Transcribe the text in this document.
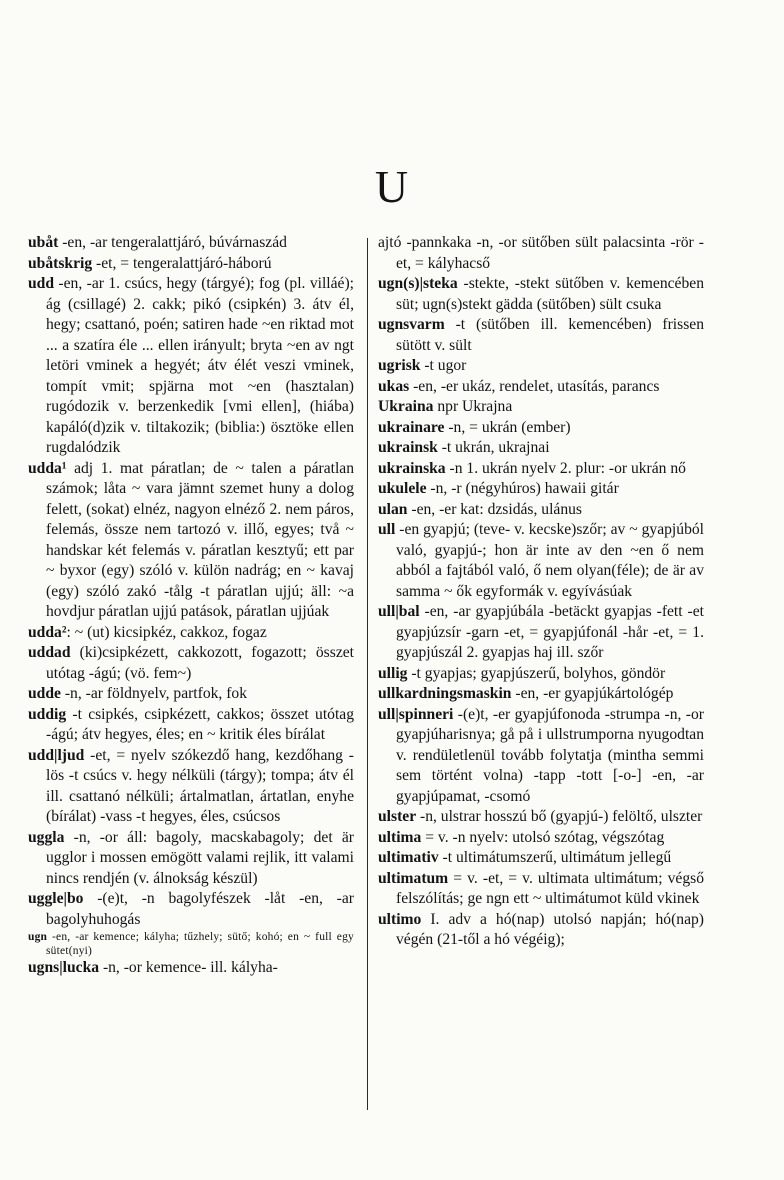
U

ubåt -en, -ar tengeralattjáró, búvárnaszád

ubåtskrig -et, = tengeralattjáró-háború

udd -en, -ar 1. csúcs, hegy (tárgyé); fog (pl. villáé); ág (csillagé) 2. cakk; pikó (csipkén) 3. átv él, hegy; csattanó, poén; satiren hade ~en riktad mot ... a szatíra éle ... ellen irányult; bryta ~en av ngt letöri vminek a hegyét; átv élét veszi vminek, tompít vmit; spjärna mot ~en (hasztalan) rugódozik v. berzenkedik [vmi ellen], (hiába) kapáló(d)zik v. tiltakozik; (biblia:) ösztöke ellen rugdalódzik

udda¹ adj 1. mat páratlan; de ~ talen a páratlan számok; låta ~ vara jämnt szemet huny a dolog felett, (sokat) elnéz, nagyon elnéző 2. nem páros, felemás, össze nem tartozó v. illő, egyes; två ~ handskar két felemás v. páratlan kesztyű; ett par ~ byxor (egy) szóló v. külön nadrág; en ~ kavaj (egy) szóló zakó -tålg -t páratlan ujjú; äll: ~a hovdjur páratlan ujjú patások, páratlan ujjúak

udda²: ~ (ut) kicsipkéz, cakkoz, fogaz

uddad (ki)csipkézett, cakkozott, fogazott; összet utótag -ágú; (vö. fem~)

udde -n, -ar földnyelv, partfok, fok

uddig -t csipkés, csipkézett, cakkos; összet utótag -ágú; átv hegyes, éles; en ~ kritik éles bírálat

udd|ljud -et, = nyelv szókezdő hang, kezdőhang -lös -t csúcs v. hegy nélküli (tárgy); tompa; átv él ill. csattanó nélküli; ártalmatlan, ártatlan, enyhe (bírálat) -vass -t hegyes, éles, csúcsos

uggla -n, -or áll: bagoly, macskabagoly; det är ugglor i mossen emögött valami rejlik, itt valami nincs rendjén (v. álnokság készül)

uggle|bo -(e)t, -n bagolyfészek -låt -en, -ar bagolyhuhogás

ugn -en, -ar kemence; kályha; tűzhely; sütő; kohó; en ~ full egy sütet(nyi)

ugns|lucka -n, -or kemence- ill. kályha-

ajtó -pannkaka -n, -or sütőben sült palacsinta -rör -et, = kályhacső

ugn(s)|steka -stekte, -stekt sütőben v. kemencében süt; ugn(s)stekt gädda (sütőben) sült csuka

ugnsvarm -t (sütőben ill. kemencében) frissen sütött v. sült

ugrisk -t ugor

ukas -en, -er ukáz, rendelet, utasítás, parancs

Ukraina npr Ukrajna

ukrainare -n, = ukrán (ember)

ukrainsk -t ukrán, ukrajnai

ukrainska -n 1. ukrán nyelv 2. plur: -or ukrán nő

ukulele -n, -r (négyhúros) hawaii gitár

ulan -en, -er kat: dzsidás, ulánus

ull -en gyapjú; (teve- v. kecske)szőr; av ~ gyapjúból való, gyapjú-; hon är inte av den ~en ő nem abból a fajtából való, ő nem olyan(féle); de är av samma ~ ők egyformák v. egyívásúak

ull|bal -en, -ar gyapjúbála -betäckt gyapjas -fett -et gyapjúzsír -garn -et, = gyapjúfonál -hår -et, = 1. gyapjúszál 2. gyapjas haj ill. szőr

ullig -t gyapjas; gyapjúszerű, bolyhos, göndör

ullkardningsmaskin -en, -er gyapjúkártológép

ull|spinneri -(e)t, -er gyapjúfonoda -strumpa -n, -or gyapjúharisnya; gå på i ullstrumporna nyugodtan v. rendületlenül tovább folytatja (mintha semmi sem történt volna) -tapp -tott [-o-] -en, -ar gyapjúpamat, -csomó

ulster -n, ulstrar hosszú bő (gyapjú-) felöltő, ulszter

ultima = v. -n nyelv: utolsó szótag, végszótag

ultimativ -t ultimátumszerű, ultimátum jellegű

ultimatum = v. -et, = v. ultimata ultimátum; végső felszólítás; ge ngn ett ~ ultimátumot küld vkinek

ultimo I. adv a hó(nap) utolsó napján; hó(nap) végén (21-től a hó végéig);
